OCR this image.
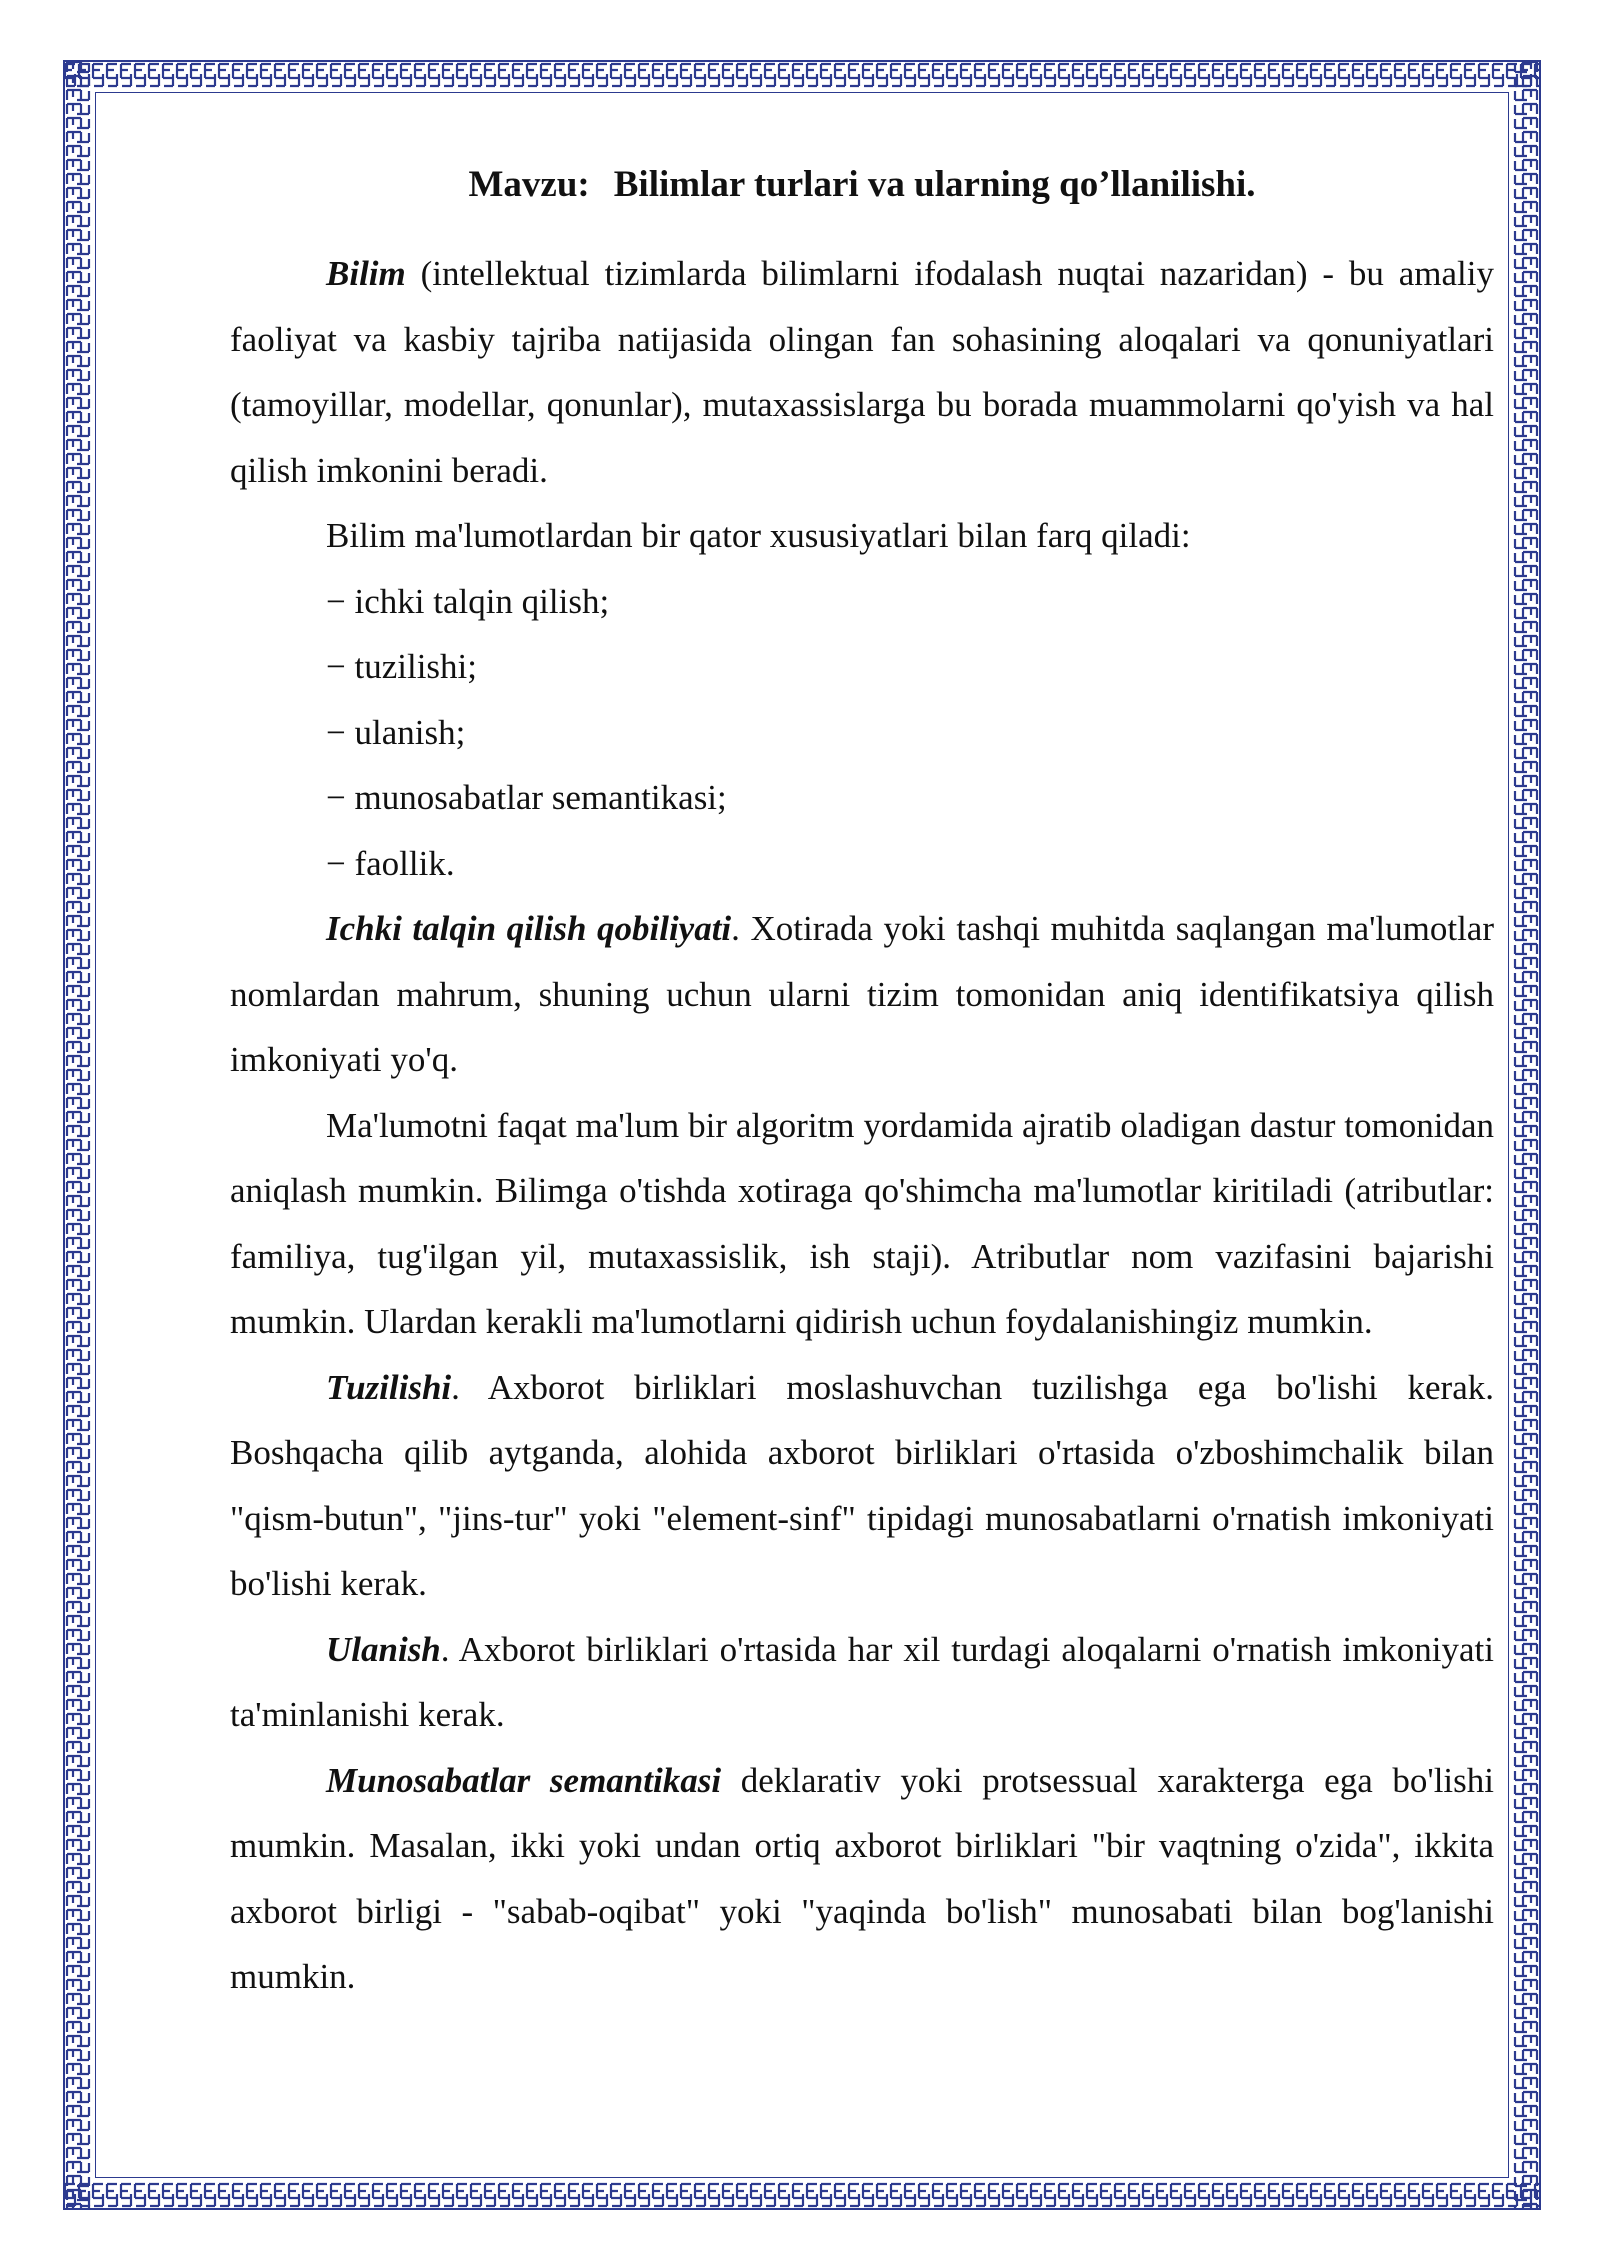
Mavzu: Bilimlar turlari va ularning qo’llanilishi.

Bilim (intellektual tizimlarda bilimlarni ifodalash nuqtai nazaridan) - bu amaliy faoliyat va kasbiy tajriba natijasida olingan fan sohasining aloqalari va qonuniyatlari (tamoyillar, modellar, qonunlar), mutaxassislarga bu borada muammolarni qo'yish va hal qilish imkonini beradi.

Bilim ma'lumotlardan bir qator xususiyatlari bilan farq qiladi:

− ichki talqin qilish;

− tuzilishi;

− ulanish;

− munosabatlar semantikasi;

− faollik.

Ichki talqin qilish qobiliyati. Xotirada yoki tashqi muhitda saqlangan ma'lumotlar nomlardan mahrum, shuning uchun ularni tizim tomonidan aniq identifikatsiya qilish imkoniyati yo'q.

Ma'lumotni faqat ma'lum bir algoritm yordamida ajratib oladigan dastur tomonidan aniqlash mumkin. Bilimga o'tishda xotiraga qo'shimcha ma'lumotlar kiritiladi (atributlar: familiya, tug'ilgan yil, mutaxassislik, ish staji). Atributlar nom vazifasini bajarishi mumkin. Ulardan kerakli ma'lumotlarni qidirish uchun foydalanishingiz mumkin.

Tuzilishi. Axborot birliklari moslashuvchan tuzilishga ega bo'lishi kerak. Boshqacha qilib aytganda, alohida axborot birliklari o'rtasida o'zboshimchalik bilan "qism-butun", "jins-tur" yoki "element-sinf" tipidagi munosabatlarni o'rnatish imkoniyati bo'lishi kerak.

Ulanish. Axborot birliklari o'rtasida har xil turdagi aloqalarni o'rnatish imkoniyati ta'minlanishi kerak.

Munosabatlar semantikasi deklarativ yoki protsessual xarakterga ega bo'lishi mumkin. Masalan, ikki yoki undan ortiq axborot birliklari "bir vaqtning o'zida", ikkita axborot birligi - "sabab-oqibat" yoki "yaqinda bo'lish" munosabati bilan bog'lanishi mumkin.
